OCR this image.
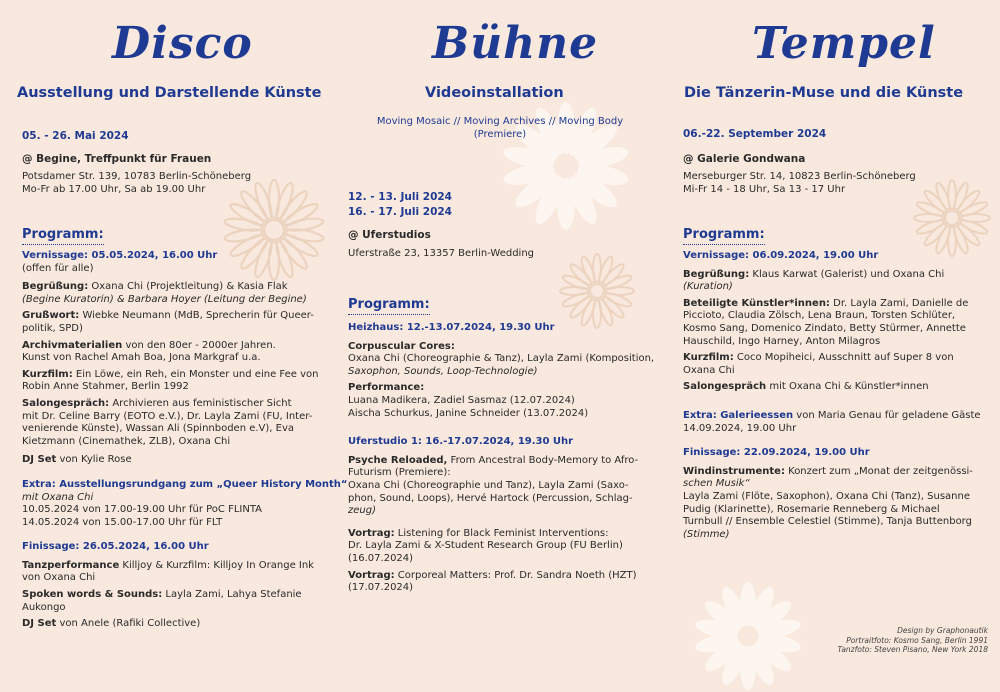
Disco
Ausstellung und Darstellende Künste
05. - 26. Mai 2024
@ Begine, Treffpunkt für Frauen
Potsdamer Str. 139, 10783 Berlin-Schöneberg
Mo-Fr ab 17.00 Uhr, Sa ab 19.00 Uhr
Programm:
Vernissage: 05.05.2024, 16.00 Uhr
(offen für alle)
Begrüßung: Oxana Chi (Projektleitung) & Kasia Flak
(Begine Kuratorin) & Barbara Hoyer (Leitung der Begine)
Grußwort: Wiebke Neumann (MdB, Sprecherin für Queer-
politik, SPD)
Archivmaterialien von den 80er - 2000er Jahren.
Kunst von Rachel Amah Boa, Jona Markgraf u.a.
Kurzfilm: Ein Löwe, ein Reh, ein Monster und eine Fee von
Robin Anne Stahmer, Berlin 1992
Salongespräch: Archivieren aus feministischer Sicht
mit Dr. Celine Barry (EOTO e.V.), Dr. Layla Zami (FU, Inter-
venierende Künste), Wassan Ali (Spinnboden e.V), Eva
Kietzmann (Cinemathek, ZLB), Oxana Chi
DJ Set von Kylie Rose
Extra: Ausstellungsrundgang zum „Queer History Month“
mit Oxana Chi
10.05.2024 von 17.00-19.00 Uhr für PoC FLINTA
14.05.2024 von 15.00-17.00 Uhr für FLT
Finissage: 26.05.2024, 16.00 Uhr
Tanzperformance Killjoy & Kurzfilm: Killjoy In Orange Ink
von Oxana Chi
Spoken words & Sounds: Layla Zami, Lahya Stefanie
Aukongo
DJ Set von Anele (Rafiki Collective)
Bühne
Videoinstallation
Moving Mosaic // Moving Archives // Moving Body
(Premiere)
12. - 13. Juli 2024
16. - 17. Juli 2024
@ Uferstudios
Uferstraße 23, 13357 Berlin-Wedding
Programm:
Heizhaus: 12.-13.07.2024, 19.30 Uhr
Corpuscular Cores:
Oxana Chi (Choreographie & Tanz), Layla Zami (Komposition,
Saxophon, Sounds, Loop-Technologie)
Performance:
Luana Madikera, Zadiel Sasmaz (12.07.2024)
Aischa Schurkus, Janine Schneider (13.07.2024)
Uferstudio 1: 16.-17.07.2024, 19.30 Uhr
Psyche Reloaded, From Ancestral Body-Memory to Afro-
Futurism (Premiere):
Oxana Chi (Choreographie und Tanz), Layla Zami (Saxo-
phon, Sound, Loops), Hervé Hartock (Percussion, Schlag-
zeug)
Vortrag: Listening for Black Feminist Interventions:
Dr. Layla Zami & X-Student Research Group (FU Berlin)
(16.07.2024)
Vortrag: Corporeal Matters: Prof. Dr. Sandra Noeth (HZT)
(17.07.2024)
Tempel
Die Tänzerin-Muse und die Künste
06.-22. September 2024
@ Galerie Gondwana
Merseburger Str. 14, 10823 Berlin-Schöneberg
Mi-Fr 14 - 18 Uhr, Sa 13 - 17 Uhr
Programm:
Vernissage: 06.09.2024, 19.00 Uhr
Begrüßung: Klaus Karwat (Galerist) und Oxana Chi
(Kuration)
Beteiligte Künstler*innen: Dr. Layla Zami, Danielle de
Piccioto, Claudia Zölsch, Lena Braun, Torsten Schlüter,
Kosmo Sang, Domenico Zindato, Betty Stürmer, Annette
Hauschild, Ingo Harney, Anton Milagros
Kurzfilm: Coco Mopiheici, Ausschnitt auf Super 8 von
Oxana Chi
Salongespräch mit Oxana Chi & Künstler*innen
Extra: Galerieessen von Maria Genau für geladene Gäste
14.09.2024, 19.00 Uhr
Finissage: 22.09.2024, 19.00 Uhr
Windinstrumente: Konzert zum „Monat der zeitgenössi-
schen Musik“
Layla Zami (Flöte, Saxophon), Oxana Chi (Tanz), Susanne
Pudig (Klarinette), Rosemarie Renneberg & Michael
Turnbull // Ensemble Celestiel (Stimme), Tanja Buttenborg
(Stimme)
Design by Graphonautik
Portraitfoto: Kosmo Sang, Berlin 1991
Tanzfoto: Steven Pisano, New York 2018
